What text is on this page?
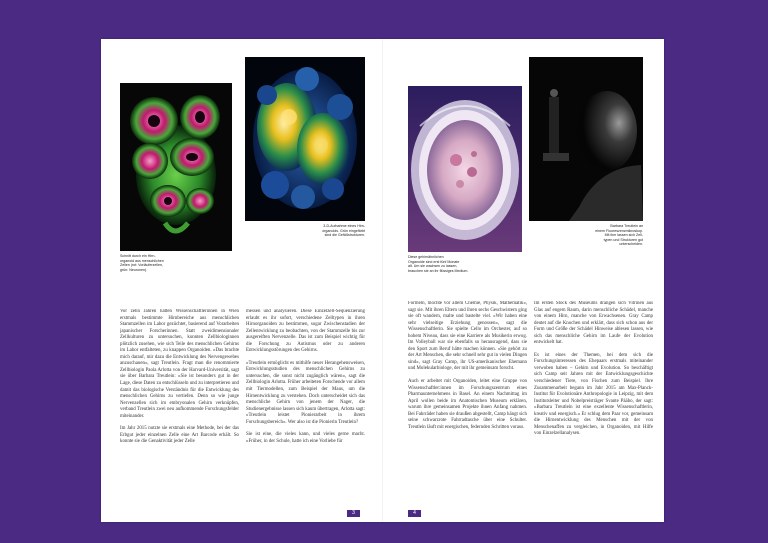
Schnitt durch ein Hirn-
organoid aus menschlichen
Zellen (rot: Vorläuferzellen,
grün: Neuronen).
3-D-Aufnahme eines Hirn-
organoids. Grün eingefärbt
sind die Gefäßstrukturen.
Diese gehirnähnlichen
Organoide sind erst fünf Monate
alt. Um sie wachsen zu lassen,
brauchen sie an ihr flüssiges Medium.
Barbara Treutlein an
einem Fluoreszenzmikroskop.
Mit ihm lassen sich Zell-
typen und Strukturen gut
unterscheiden.

Vor zehn Jahren hatten Wissenschaftlerinnen in Wien erstmals bestimmte Hirnbereiche aus menschlichen Stammzellen im Labor gezüchtet, basierend auf Vorarbeiten japanischer Forscherinnen. Statt zweidimensionaler Zellkulturen zu untersuchen, konnten Zellbiologinnen plötzlich zusehen, wie sich Teile des menschlichen Gehirns im Labor entfalteten, zu knappen Organoiden. »Das brachte mich darauf, mir dazu die Entwicklung des Nervengewebes anzuschauen«, sagt Treutlein. Fragt man die renommierte Zellbiologin Paola Arlotta von der Harvard-Universität, sagt sie über Barbara Treutlein: »Sie ist besonders gut in der Lage, diese Daten zu entschlüsseln und zu interpretieren und damit das biologische Verständnis für die Entwicklung des menschlichen Gehirns zu vertiefen. Denn so wie junge Nervenzellen sich im embryonalen Gehirn verknüpfen, verband Treutlein zwei neu aufkommende Forschungsfelder miteinander.

Im Jahr 2015 nutzte sie erstmals eine Methode, bei der das Erbgut jeder einzelnen Zelle eine Art Barcode erhält. So konnte sie die Genaktivität jeder Zelle

messen und analysieren. Diese Einzelzell-Sequenzierung erlaubt es ihr sofort, verschiedene Zelltypen in ihren Hirnorganoiden zu bestimmen, sogar Zwischenstadien der Zellentwicklung zu beobachten, von der Stammzelle bis zur ausgereiften Nervenzelle. Das ist zum Beispiel wichtig für die Forschung zu Autismus oder zu anderen Entwicklungsstörungen des Gehirns.

»Treutlein ermöglicht es mithilfe neuer Herangehensweisen, Entwicklungsstudien des menschlichen Gehirns zu untersuchen, die sonst nicht zugänglich wären«, sagt die Zellbiologin Arlotta. Früher arbeiteten Forschende vor allem mit Tiermodellen, zum Beispiel der Maus, um die Hirnentwicklung zu verstehen. Doch unterscheidet sich das menschliche Gehirn von jenem der Nager, die Studienergebnisse lassen sich kaum übertragen, Arlotta sagt: »Treutlein leistet Pionierarbeit in ihrem Forschungsbereich«. Wer also ist die Pionierin Treutlein?

Sie ist eine, die vieles kann, und vieles gerne macht. »Früher, in der Schule, hatte ich eine Vorliebe für

Formeln, mochte vor allem Chemie, Physik, Mathematik«, sagt sie. Mit ihren Eltern und ihren sechs Geschwistern ging sie oft wandern, malte und bastelte viel. »Wir haben eine sehr vielseitige Erziehung genossen«, sagt die Wissenschaftlerin. Sie spielte Cello im Orchester, auf so hohem Niveau, dass sie eine Karriere als Musikerin erwog. Im Volleyball war sie ebenfalls so herausragend, dass sie den Sport zum Beruf hätte machen können. »Sie gehört zu der Art Menschen, die sehr schnell sehr gut in vielen Dingen sind«, sagt Gray Camp, ihr US-amerikanischer Ehemann und Molekularbiologe, der mit ihr gemeinsam forscht.

Auch er arbeitet mit Organoiden, leitet eine Gruppe von Wissenschaftler:innen im Forschungszentrum eines Pharmaunternehmens in Basel. An einem Nachmittag im April wollen beide im Anatomischen Museum erklären, warum ihre gemeinsamen Projekte ihnen Anfang nahmen. Bei Fahrräder haben sie draußen abgestellt, Camp hängt sich seine schwarzrote Fahrradtasche über eine Schulter. Treutlein läuft mit energischen, federnden Schritten voraus.

Im ersten Stock des Museums drängen sich Vitrinen aus Glas auf engem Raum, darin menschliche Schädel, manche von einem Hirn, manche von Erwachsenen. Gray Camp deutet auf die Knochen und erklärt, dass sich schon aus der Form und Größe der Schädel Hinweise ablesen lassen, wie sich das menschliche Gehirn im Laufe der Evolution entwickelt hat.

Es ist eines der Themen, bei dem sich die Forschungsinteressen des Ehepaars erstmals miteinander verwoben haben – Gehirn und Evolution. So beschäftigt sich Camp seit Jahren mit der Entwicklungsgeschichte verschiedener Tiere, von Fischen zum Beispiel. Ihre Zusammenarbeit begann im Jahr 2015 am Max-Planck-Institut für Evolutionäre Anthropologie in Leipzig, mit dem Institutsleiter und Nobelpreisträger Svante Pääbo, der sagt: »Barbara Treutlein ist eine exzellente Wissenschaftlerin, kreativ und energisch.« Er schlug dem Paar vor, gemeinsam die Hirnentwicklung des Menschen mit der von Menschenaffen zu vergleichen, in Organoiden, mit Hilfe von Einzelzellanalysen.

3	4
